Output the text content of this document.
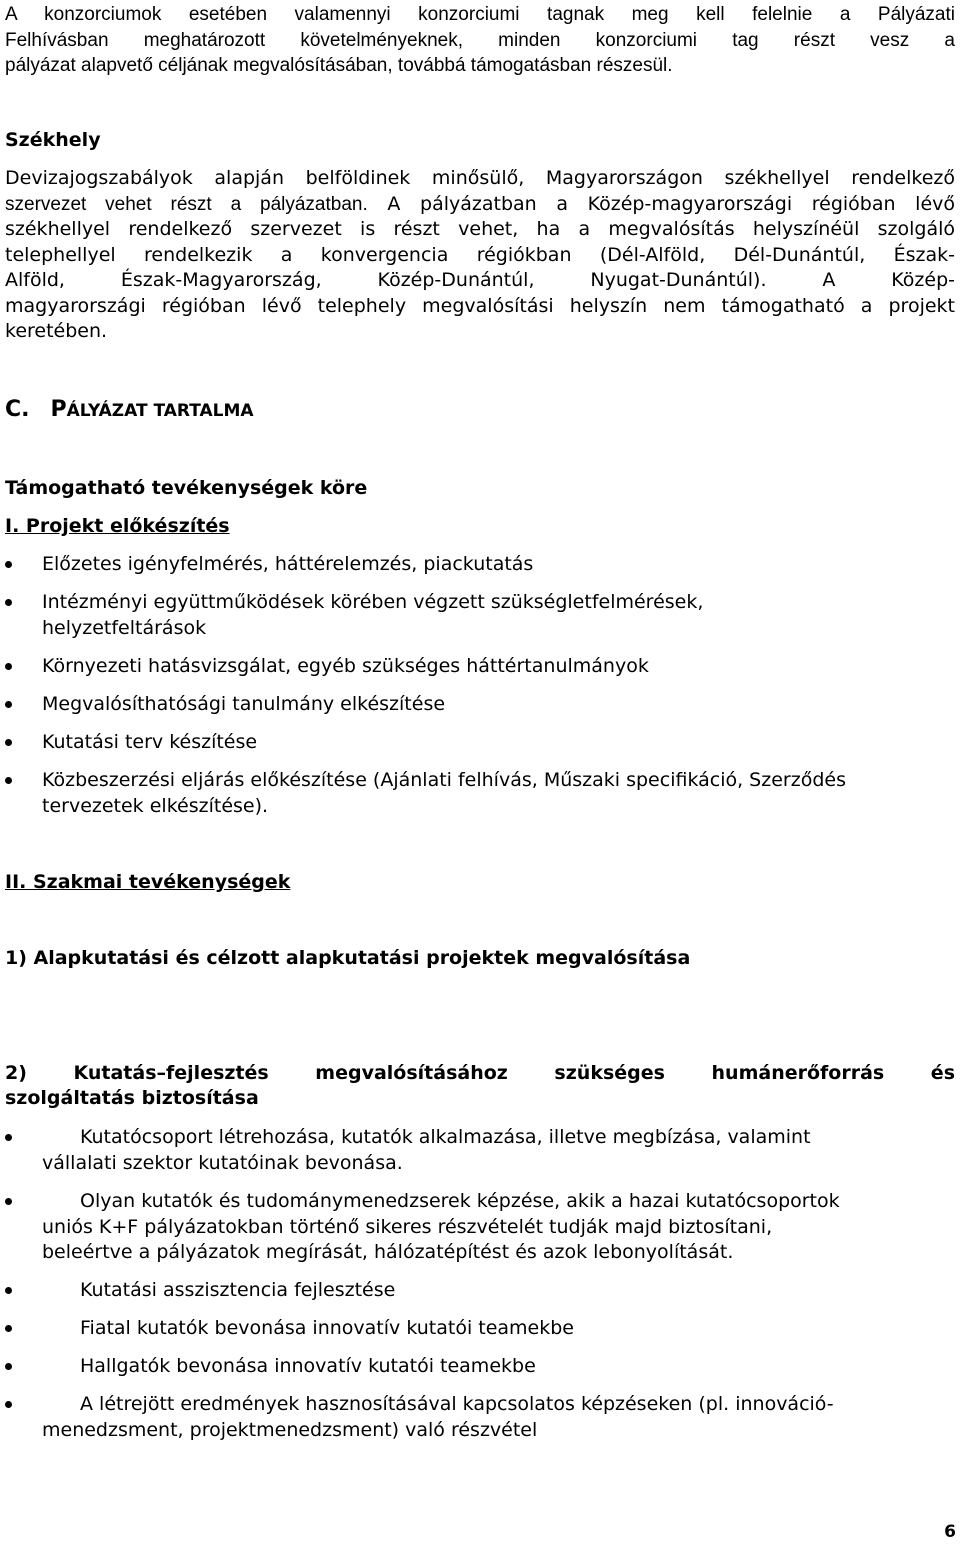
A konzorciumok esetében valamennyi konzorciumi tagnak meg kell felelnie a Pályázati
Felhívásban meghatározott követelményeknek, minden konzorciumi tag részt vesz a
pályázat alapvető céljának megvalósításában, továbbá támogatásban részesül.
Székhely
Devizajogszabályok alapján belföldinek minősülő, Magyarországon székhellyel rendelkező
szervezet vehet részt a pályázatban. A pályázatban a Közép-magyarországi régióban lévő
székhellyel rendelkező szervezet is részt vehet, ha a megvalósítás helyszínéül szolgáló
telephellyel rendelkezik a konvergencia régiókban (Dél-Alföld, Dél-Dunántúl, Észak-
Alföld, Észak-Magyarország, Közép-Dunántúl, Nyugat-Dunántúl). A Közép-
magyarországi régióban lévő telephely megvalósítási helyszín nem támogatható a projekt
keretében.
C. PÁLYÁZAT TARTALMA
Támogatható tevékenységek köre
I. Projekt előkészítés
Előzetes igényfelmérés, háttérelemzés, piackutatás
Intézményi együttműködések körében végzett szükségletfelmérések,
helyzetfeltárások
Környezeti hatásvizsgálat, egyéb szükséges háttértanulmányok
Megvalósíthatósági tanulmány elkészítése
Kutatási terv készítése
Közbeszerzési eljárás előkészítése (Ajánlati felhívás, Műszaki specifikáció, Szerződés
tervezetek elkészítése).
II. Szakmai tevékenységek
1) Alapkutatási és célzott alapkutatási projektek megvalósítása
2) Kutatás–fejlesztés megvalósításához szükséges humánerőforrás és
szolgáltatás biztosítása
Kutatócsoport létrehozása, kutatók alkalmazása, illetve megbízása, valamint
vállalati szektor kutatóinak bevonása.
Olyan kutatók és tudománymenedzserek képzése, akik a hazai kutatócsoportok
uniós K+F pályázatokban történő sikeres részvételét tudják majd biztosítani,
beleértve a pályázatok megírását, hálózatépítést és azok lebonyolítását.
Kutatási asszisztencia fejlesztése
Fiatal kutatók bevonása innovatív kutatói teamekbe
Hallgatók bevonása innovatív kutatói teamekbe
A létrejött eredmények hasznosításával kapcsolatos képzéseken (pl. innováció-
menedzsment, projektmenedzsment) való részvétel
6
